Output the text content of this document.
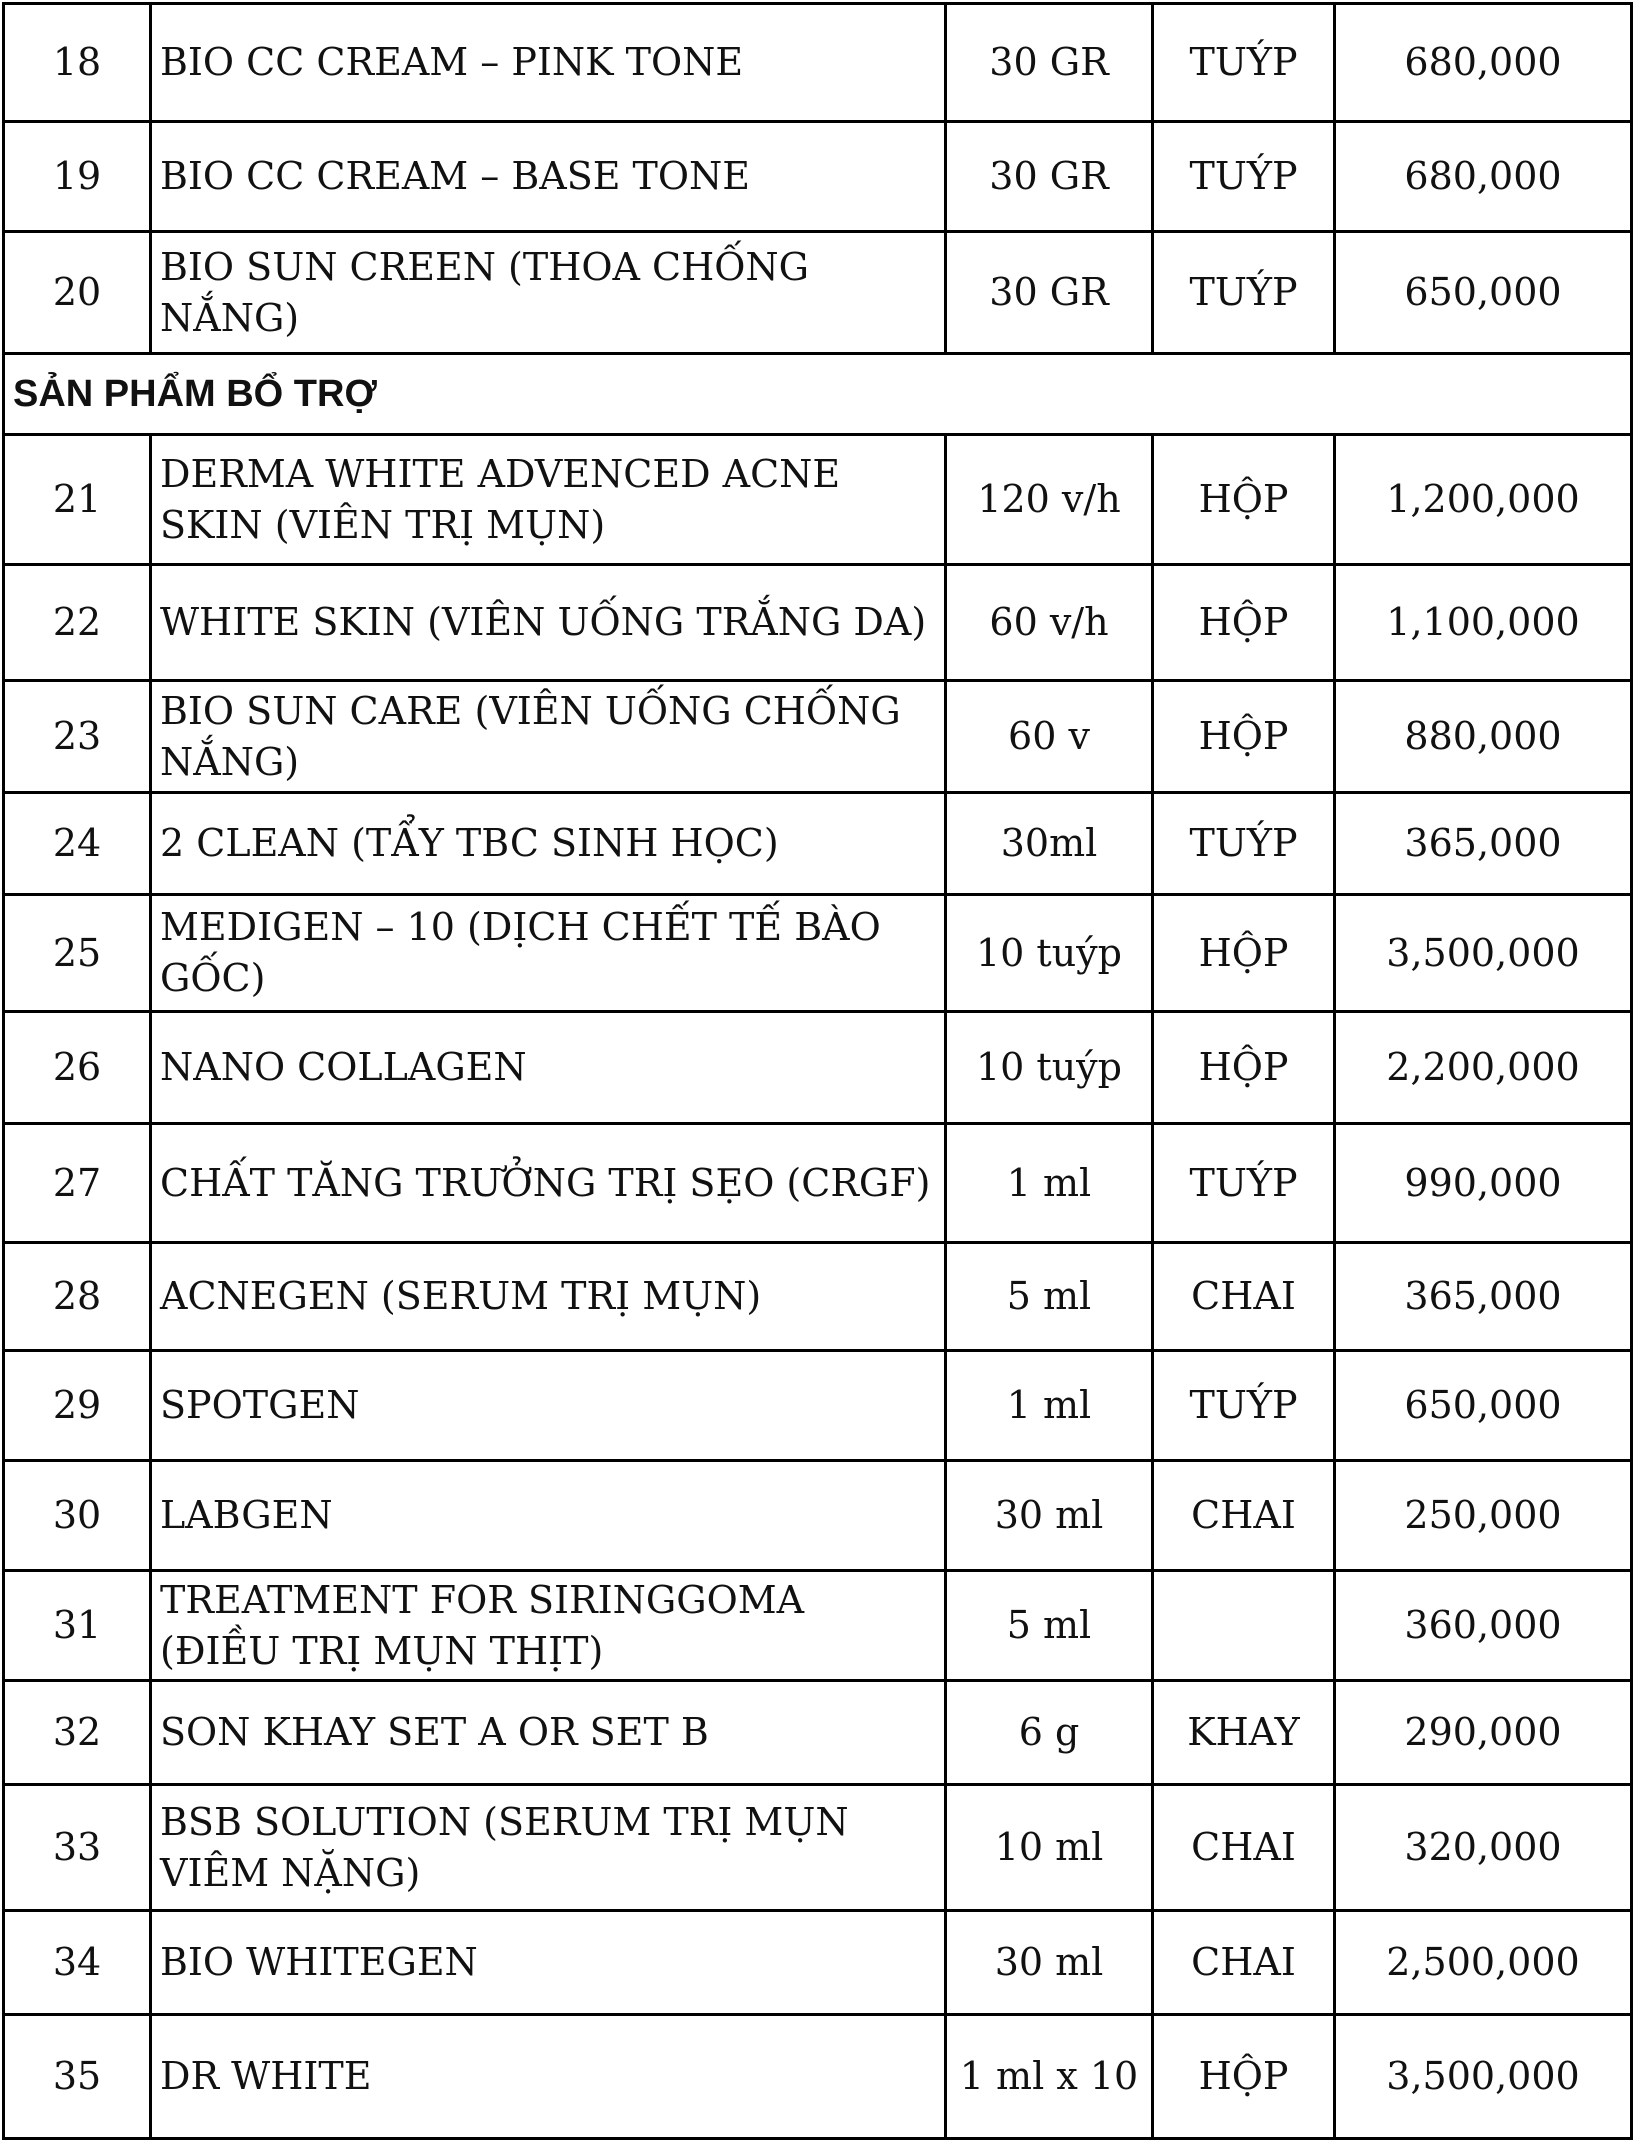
18	BIO CC CREAM – PINK TONE	30 GR	TUÝP	680,000
19	BIO CC CREAM – BASE TONE	30 GR	TUÝP	680,000
20	BIO SUN CREEN (THOA CHỐNG NẮNG)	30 GR	TUÝP	650,000
SẢN PHẨM BỔ TRỢ				
21	DERMA WHITE ADVENCED ACNE SKIN (VIÊN TRỊ MỤN)	120 v/h	HỘP	1,200,000
22	WHITE SKIN (VIÊN UỐNG TRẮNG DA)	60 v/h	HỘP	1,100,000
23	BIO SUN CARE (VIÊN UỐNG CHỐNG NẮNG)	60 v	HỘP	880,000
24	2 CLEAN (TẨY TBC SINH HỌC)	30ml	TUÝP	365,000
25	MEDIGEN – 10 (DỊCH CHẾT TẾ BÀO GỐC)	10 tuýp	HỘP	3,500,000
26	NANO COLLAGEN	10 tuýp	HỘP	2,200,000
27	CHẤT TĂNG TRƯỞNG TRỊ SẸO (CRGF)	1 ml	TUÝP	990,000
28	ACNEGEN (SERUM TRỊ MỤN)	5 ml	CHAI	365,000
29	SPOTGEN	1 ml	TUÝP	650,000
30	LABGEN	30 ml	CHAI	250,000
31	TREATMENT FOR SIRINGGOMA (ĐIỀU TRỊ MỤN THỊT)	5 ml		360,000
32	SON KHAY SET A OR SET B	6 g	KHAY	290,000
33	BSB SOLUTION (SERUM TRỊ MỤN VIÊM NẶNG)	10 ml	CHAI	320,000
34	BIO WHITEGEN	30 ml	CHAI	2,500,000
35	DR WHITE	1 ml x 10	HỘP	3,500,000
